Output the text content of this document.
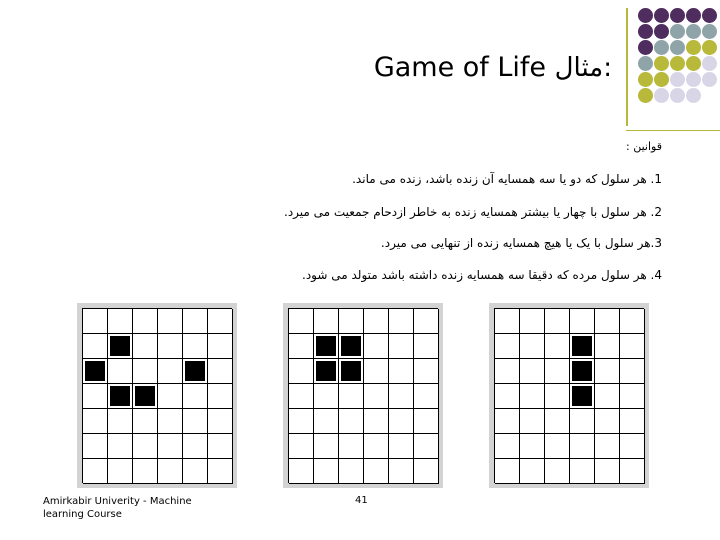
Game of Life مثال:
قوانین :
1. هر سلول که دو یا سه همسایه آن زنده باشد، زنده می ماند.
2. هر سلول با چهار یا بیشتر همسایه زنده به خاطر ازدحام جمعیت می میرد.
3.هر سلول با یک یا هیچ همسایه زنده از تنهایی می میرد.
4. هر سلول مرده که دقیقا سه همسایه زنده داشته باشد متولد می شود.
Amirkabir Univerity - Machine
learning Course
41
